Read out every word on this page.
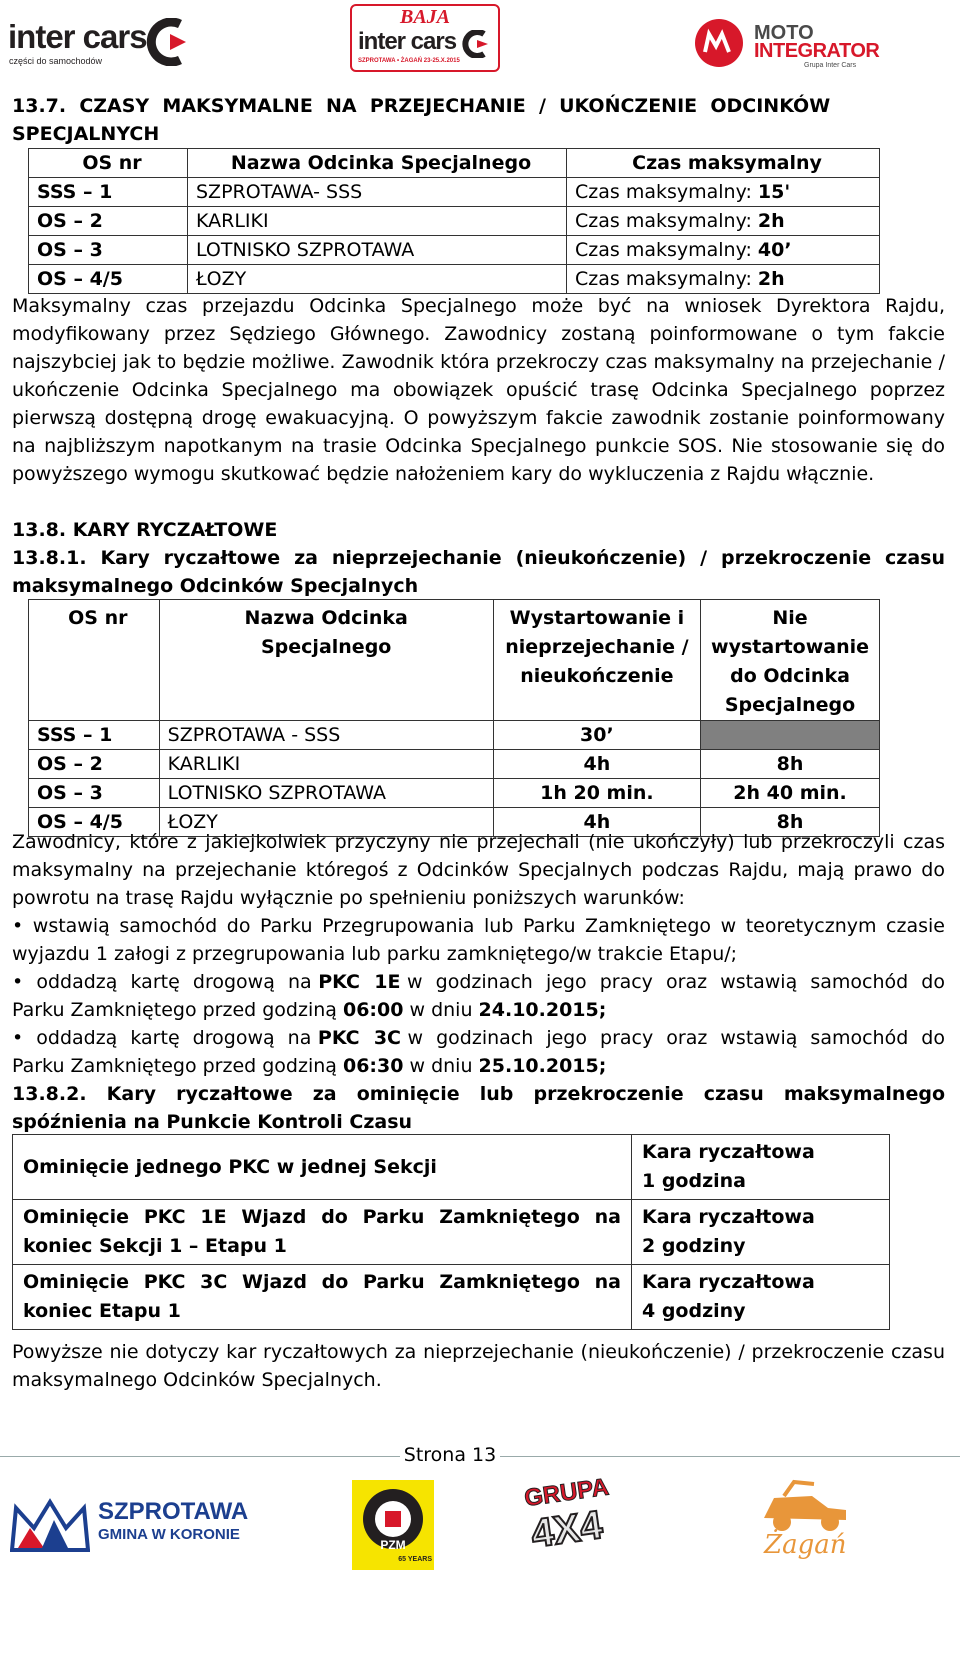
inter cars
części do samochodów
BAJA
inter cars
SZPROTAWA • ŻAGAŃ 23-25.X.2015
MOTO
INTEGRATOR
Grupa Inter Cars
13.7.  CZASY  MAKSYMALNE  NA  PRZEJECHANIE  /  UKOŃCZENIE  ODCINKÓW
SPECJALNYCH
OS nr	Nazwa Odcinka Specjalnego	Czas maksymalny
SSS – 1	SZPROTAWA- SSS	Czas maksymalny: 15'
OS – 2	KARLIKI	Czas maksymalny: 2h
OS – 3	LOTNISKO SZPROTAWA	Czas maksymalny: 40’
OS – 4/5	ŁOZY	Czas maksymalny: 2h
Maksymalny czas przejazdu Odcinka Specjalnego może być na wniosek Dyrektora Rajdu, modyfikowany przez Sędziego Głównego. Zawodnicy zostaną poinformowane o tym fakcie najszybciej jak to będzie możliwe. Zawodnik która przekroczy czas maksymalny na przejechanie / ukończenie Odcinka Specjalnego ma obowiązek opuścić trasę Odcinka Specjalnego poprzez pierwszą dostępną drogę ewakuacyjną. O powyższym fakcie zawodnik zostanie poinformowany na najbliższym napotkanym na trasie Odcinka Specjalnego punkcie SOS. Nie stosowanie się do powyższego wymogu skutkować będzie nałożeniem kary do wykluczenia z Rajdu włącznie.
13.8. KARY RYCZAŁTOWE
13.8.1. Kary ryczałtowe za nieprzejechanie (nieukończenie) / przekroczenie czasu maksymalnego Odcinków Specjalnych
OS nr	Nazwa Odcinka Specjalnego	Wystartowanie i nieprzejechanie / nieukończenie	Nie wystartowanie do Odcinka Specjalnego
SSS – 1	SZPROTAWA - SSS	30’	
OS – 2	KARLIKI	4h	8h
OS – 3	LOTNISKO SZPROTAWA	1h 20 min.	2h 40 min.
OS – 4/5	ŁOZY	4h	8h
Zawodnicy, które z jakiejkolwiek przyczyny nie przejechali (nie ukończyły) lub przekroczyli czas maksymalny na przejechanie któregoś z Odcinków Specjalnych podczas Rajdu, mają prawo do powrotu na trasę Rajdu wyłącznie po spełnieniu poniższych warunków:
• wstawią samochód do Parku Przegrupowania lub Parku Zamkniętego w teoretycznym czasie wyjazdu 1 załogi z przegrupowania lub parku zamkniętego/w trakcie Etapu/;
•  oddadzą  kartę  drogową  na PKC  1E w  godzinach  jego  pracy  oraz  wstawią  samochód  do Parku Zamkniętego przed godziną 06:00 w dniu 24.10.2015;
•  oddadzą  kartę  drogową  na PKC  3C w  godzinach  jego  pracy  oraz  wstawią  samochód  do Parku Zamkniętego przed godziną 06:30 w dniu 25.10.2015;
13.8.2. Kary ryczałtowe za ominięcie lub przekroczenie czasu maksymalnego spóźnienia na Punkcie Kontroli Czasu
Ominięcie jednego PKC w jednej Sekcji	Kara ryczałtowa
1 godzina

Ominięcie PKC 1E Wjazd do Parku Zamkniętego na koniec Sekcji 1 – Etapu 1	Kara ryczałtowa
2 godziny

Ominięcie PKC 3C Wjazd do Parku Zamkniętego na koniec Etapu 1	Kara ryczałtowa
4 godziny
Powyższe nie dotyczy kar ryczałtowych za nieprzejechanie (nieukończenie) / przekroczenie czasu maksymalnego Odcinków Specjalnych.
Strona 13
SZPROTAWA
GMINA W KORONIE
PZM
65 YEARS
GRUPA
4X4	Żagań
